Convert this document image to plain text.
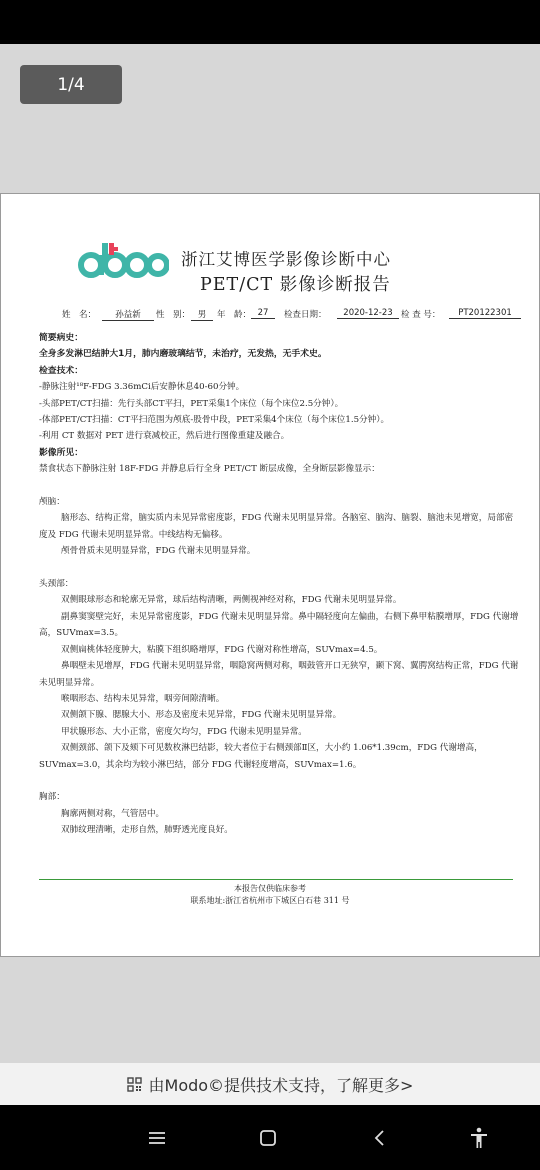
1/4
浙江艾博医学影像诊断中心
PET/CT 影像诊断报告
姓　名：	孙益新	性　别： 男	年　龄： 27	检查日期：	2020-12-23 检 查 号：	PT20122301

简要病史：

全身多发淋巴结肿大1月，肺内磨玻璃结节，未治疗，无发热，无手术史。

检查技术：

-静脉注射¹⁸F-FDG 3.36mCi后安静休息40-60分钟。

-头部PET/CT扫描：先行头部CT平扫，PET采集1个床位（每个床位2.5分钟）。

-体部PET/CT扫描：CT平扫范围为颅底-股骨中段，PET采集4个床位（每个床位1.5分钟）。

-利用 CT 数据对 PET 进行衰减校正，然后进行图像重建及融合。

影像所见：

禁食状态下静脉注射 18F-FDG 并静息后行全身 PET/CT 断层成像，全身断层影像显示：

颅脑：

脑形态、结构正常，脑实质内未见异常密度影，FDG 代谢未见明显异常。各脑室、脑沟、脑裂、脑池未见增宽，局部密度及 FDG 代谢未见明显异常。中线结构无偏移。

颅骨骨质未见明显异常，FDG 代谢未见明显异常。

头颈部：

双侧眼球形态和轮廓无异常，球后结构清晰，两侧视神经对称，FDG 代谢未见明显异常。

副鼻窦窦壁完好，未见异常密度影，FDG 代谢未见明显异常。鼻中隔轻度向左偏曲，右侧下鼻甲粘膜增厚，FDG 代谢增高，SUVmax=3.5。

双侧扁桃体轻度肿大，粘膜下组织略增厚，FDG 代谢对称性增高，SUVmax=4.5。

鼻咽壁未见增厚，FDG 代谢未见明显异常，咽隐窝两侧对称，咽鼓管开口无狭窄，颞下窝、翼腭窝结构正常，FDG 代谢未见明显异常。

喉咽形态、结构未见异常，咽旁间隙清晰。

双侧颌下腺、腮腺大小、形态及密度未见异常，FDG 代谢未见明显异常。

甲状腺形态、大小正常，密度欠均匀，FDG 代谢未见明显异常。

双侧颈部、颌下及颏下可见数枚淋巴结影，较大者位于右侧颈部Ⅱ区，大小约 1.06*1.39cm，FDG 代谢增高，SUVmax=3.0，其余均为较小淋巴结，部分 FDG 代谢轻度增高，SUVmax=1.6。

胸部：

胸廓两侧对称，气管居中。

双肺纹理清晰，走形自然，肺野透光度良好。

本报告仅供临床参考
联系地址:浙江省杭州市下城区白石巷 311 号
由Modo©提供技术支持，了解更多>
